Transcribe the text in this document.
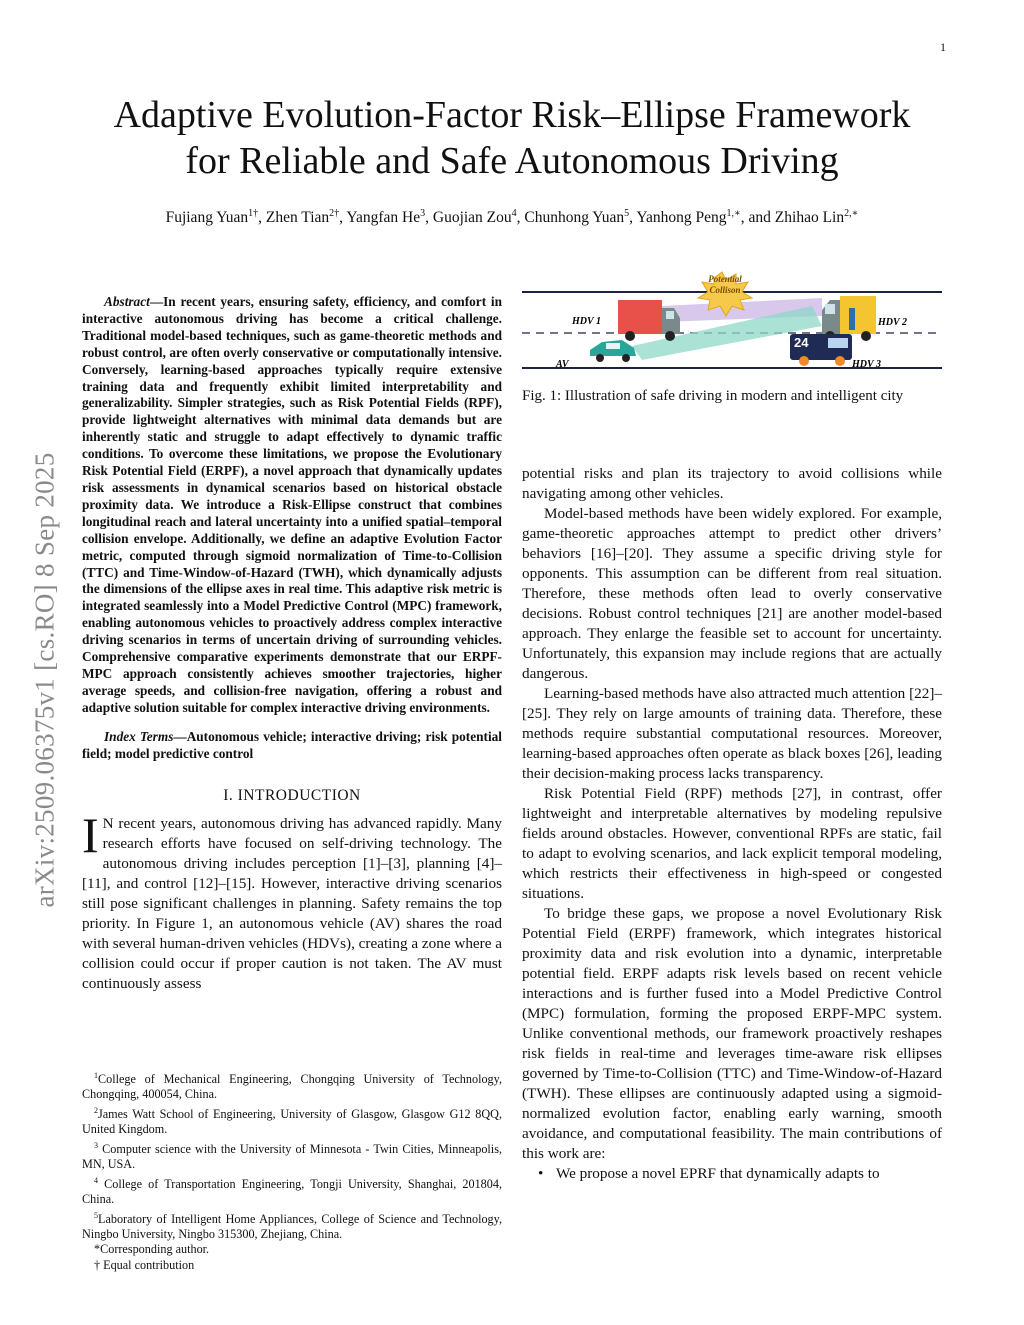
1
Adaptive Evolution-Factor Risk–Ellipse Framework
for Reliable and Safe Autonomous Driving
Fujiang Yuan$^{1\dagger}$, Zhen Tian$^{2\dagger}$, Yangfan He$^3$, Guojian Zou$^4$, Chunhong Yuan$^5$, Yanhong Peng$^{1,∗}$, and Zhihao Lin$^{2,∗}$
arXiv:2509.06375v1 [cs.RO] 8 Sep 2025

Abstract—In recent years, ensuring safety, efficiency, and comfort in interactive autonomous driving has become a critical challenge. Traditional model-based techniques, such as game-theoretic methods and robust control, are often overly conservative or computationally intensive. Conversely, learning-based approaches typically require extensive training data and frequently exhibit limited interpretability and generalizability. Simpler strategies, such as Risk Potential Fields (RPF), provide lightweight alternatives with minimal data demands but are inherently static and struggle to adapt effectively to dynamic traffic conditions. To overcome these limitations, we propose the Evolutionary Risk Potential Field (ERPF), a novel approach that dynamically updates risk assessments in dynamical scenarios based on historical obstacle proximity data. We introduce a Risk-Ellipse construct that combines longitudinal reach and lateral uncertainty into a unified spatial–temporal collision envelope. Additionally, we define an adaptive Evolution Factor metric, computed through sigmoid normalization of Time-to-Collision (TTC) and Time-Window-of-Hazard (TWH), which dynamically adjusts the dimensions of the ellipse axes in real time. This adaptive risk metric is integrated seamlessly into a Model Predictive Control (MPC) framework, enabling autonomous vehicles to proactively address complex interactive driving scenarios in terms of uncertain driving of surrounding vehicles. Comprehensive comparative experiments demonstrate that our ERPF-MPC approach consistently achieves smoother trajectories, higher average speeds, and collision-free navigation, offering a robust and adaptive solution suitable for complex interactive driving environments.

Index Terms—Autonomous vehicle; interactive driving; risk potential field; model predictive control

I. INTRODUCTION

I N recent years, autonomous driving has advanced rapidly. Many research efforts have focused on self-driving technology. The autonomous driving includes perception [1]–[3], planning [4]–[11], and control [12]–[15]. However, interactive driving scenarios still pose significant challenges in planning. Safety remains the top priority. In Figure 1, an autonomous vehicle (AV) shares the road with several human-driven vehicles (HDVs), creating a zone where a collision could occur if proper caution is not taken. The AV must continuously assess

$^1$College of Mechanical Engineering, Chongqing University of Technology, Chongqing, 400054, China.

$^2$James Watt School of Engineering, University of Glasgow, Glasgow G12 8QQ, United Kingdom.

$^3$ Computer science with the University of Minnesota - Twin Cities, Minneapolis, MN, USA.

$^4$ College of Transportation Engineering, Tongji University, Shanghai, 201804, China.

$^5$Laboratory of Intelligent Home Appliances, College of Science and Technology, Ningbo University, Ningbo 315300, Zhejiang, China.

*Corresponding author.

† Equal contribution

24
Potential
Collison
HDV 1	HDV 2
AV	HDV 3

Fig. 1: Illustration of safe driving in modern and intelligent city

potential risks and plan its trajectory to avoid collisions while navigating among other vehicles.

Model-based methods have been widely explored. For example, game-theoretic approaches attempt to predict other drivers’ behaviors [16]–[20]. They assume a specific driving style for opponents. This assumption can be different from real situation. Therefore, these methods often lead to overly conservative decisions. Robust control techniques [21] are another model-based approach. They enlarge the feasible set to account for uncertainty. Unfortunately, this expansion may include regions that are actually dangerous.

Learning-based methods have also attracted much attention [22]–[25]. They rely on large amounts of training data. Therefore, these methods require substantial computational resources. Moreover, learning-based approaches often operate as black boxes [26], leading their decision-making process lacks transparency.

Risk Potential Field (RPF) methods [27], in contrast, offer lightweight and interpretable alternatives by modeling repulsive fields around obstacles. However, conventional RPFs are static, fail to adapt to evolving scenarios, and lack explicit temporal modeling, which restricts their effectiveness in high-speed or congested situations.

To bridge these gaps, we propose a novel Evolutionary Risk Potential Field (ERPF) framework, which integrates historical proximity data and risk evolution into a dynamic, interpretable potential field. ERPF adapts risk levels based on recent vehicle interactions and is further fused into a Model Predictive Control (MPC) formulation, forming the proposed ERPF-MPC system. Unlike conventional methods, our framework proactively reshapes risk fields in real-time and leverages time-aware risk ellipses governed by Time-to-Collision (TTC) and Time-Window-of-Hazard (TWH). These ellipses are continuously adapted using a sigmoid-normalized evolution factor, enabling early warning, smooth avoidance, and computational feasibility. The main contributions of this work are:

• We propose a novel EPRF that dynamically adapts to
